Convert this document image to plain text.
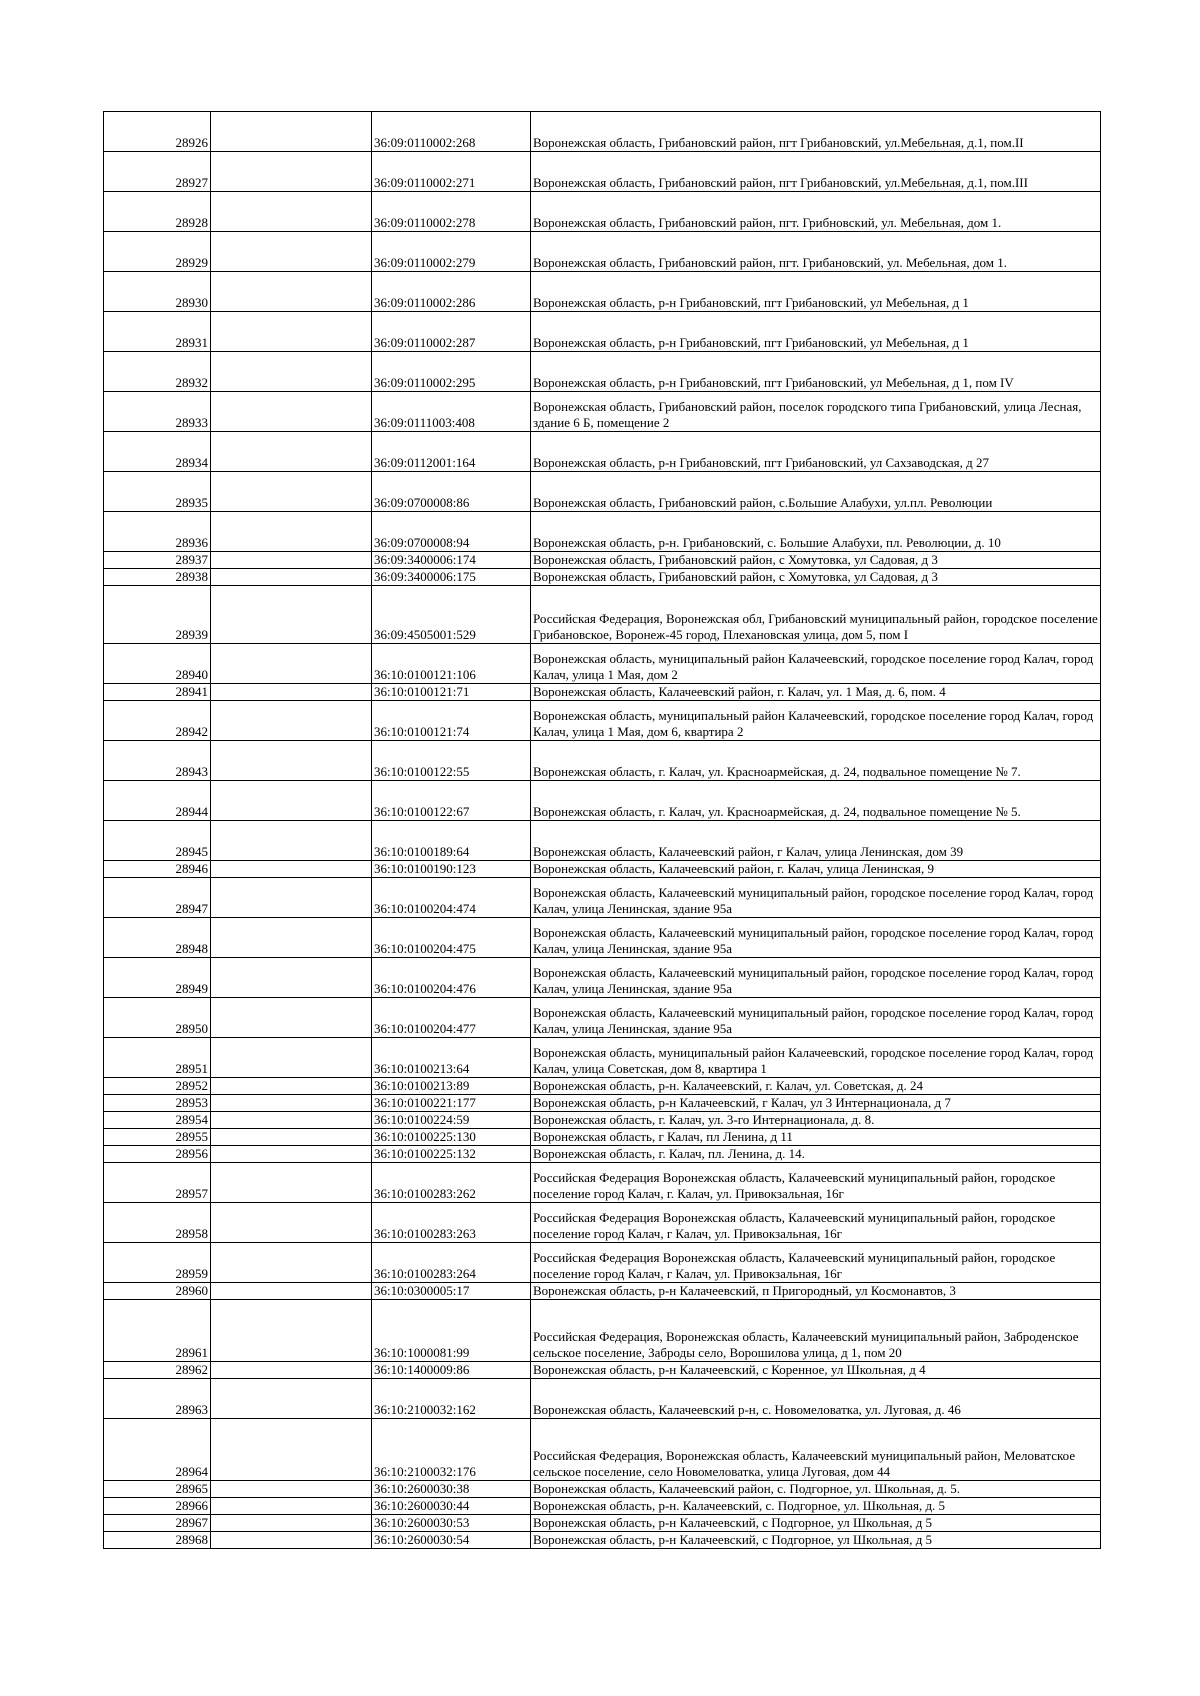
28926		36:09:0110002:268	Воронежская область, Грибановский район, пгт Грибановский, ул.Мебельная, д.1, пом.II
28927		36:09:0110002:271	Воронежская область, Грибановский район, пгт Грибановский, ул.Мебельная, д.1, пом.III
28928		36:09:0110002:278	Воронежская область, Грибановский район, пгт. Грибновский, ул. Мебельная, дом 1.
28929		36:09:0110002:279	Воронежская область, Грибановский район, пгт. Грибановский, ул. Мебельная, дом 1.
28930		36:09:0110002:286	Воронежская область, р-н Грибановский, пгт Грибановский, ул Мебельная, д 1
28931		36:09:0110002:287	Воронежская область, р-н Грибановский, пгт Грибановский, ул Мебельная, д 1
28932		36:09:0110002:295	Воронежская область, р-н Грибановский, пгт Грибановский, ул Мебельная, д 1, пом IV
28933		36:09:0111003:408	Воронежская область, Грибановский район, поселок городского типа Грибановский, улица Лесная, здание 6 Б, помещение 2
28934		36:09:0112001:164	Воронежская область, р-н Грибановский, пгт Грибановский, ул Сахзаводская, д 27
28935		36:09:0700008:86	Воронежская область, Грибановский район, с.Большие Алабухи, ул.пл. Революции
28936		36:09:0700008:94	Воронежская область, р-н. Грибановский, с. Большие Алабухи, пл. Революции, д. 10
28937		36:09:3400006:174	Воронежская область, Грибановский район, с Хомутовка, ул Садовая, д 3
28938		36:09:3400006:175	Воронежская область, Грибановский район, с Хомутовка, ул Садовая, д 3
28939		36:09:4505001:529	Российская Федерация, Воронежская обл, Грибановский муниципальный район, городское поселение Грибановское, Воронеж-45 город, Плехановская улица, дом 5, пом I
28940		36:10:0100121:106	Воронежская область, муниципальный район Калачеевский, городское поселение город Калач, город Калач, улица 1 Мая, дом 2
28941		36:10:0100121:71	Воронежская область, Калачеевский район, г. Калач, ул. 1 Мая, д. 6, пом. 4
28942		36:10:0100121:74	Воронежская область, муниципальный район Калачеевский, городское поселение город Калач, город Калач, улица 1 Мая, дом 6, квартира 2
28943		36:10:0100122:55	Воронежская область, г. Калач, ул. Красноармейская, д. 24, подвальное помещение № 7.
28944		36:10:0100122:67	Воронежская область, г. Калач, ул. Красноармейская, д. 24, подвальное помещение № 5.
28945		36:10:0100189:64	Воронежская область, Калачеевский район, г Калач, улица Ленинская, дом 39
28946		36:10:0100190:123	Воронежская область, Калачеевский район, г. Калач, улица Ленинская, 9
28947		36:10:0100204:474	Воронежская область, Калачеевский муниципальный район, городское поселение город Калач, город Калач, улица Ленинская, здание 95а
28948		36:10:0100204:475	Воронежская область, Калачеевский муниципальный район, городское поселение город Калач, город Калач, улица Ленинская, здание 95а
28949		36:10:0100204:476	Воронежская область, Калачеевский муниципальный район, городское поселение город Калач, город Калач, улица Ленинская, здание 95а
28950		36:10:0100204:477	Воронежская область, Калачеевский муниципальный район, городское поселение город Калач, город Калач, улица Ленинская, здание 95а
28951		36:10:0100213:64	Воронежская область, муниципальный район Калачеевский, городское поселение город Калач, город Калач, улица Советская, дом 8, квартира 1
28952		36:10:0100213:89	Воронежская область, р-н. Калачеевский, г. Калач, ул. Советская, д. 24
28953		36:10:0100221:177	Воронежская область, р-н Калачеевский, г Калач, ул 3 Интернационала, д 7
28954		36:10:0100224:59	Воронежская область, г. Калач, ул. 3-го Интернационала, д. 8.
28955		36:10:0100225:130	Воронежская область, г Калач, пл Ленина, д 11
28956		36:10:0100225:132	Воронежская область, г. Калач, пл. Ленина, д. 14.
28957		36:10:0100283:262	Российская Федерация Воронежская область, Калачеевский муниципальный район, городское поселение город Калач, г. Калач, ул. Привокзальная, 16г
28958		36:10:0100283:263	Российская Федерация Воронежская область, Калачеевский муниципальный район, городское поселение город Калач, г Калач, ул. Привокзальная, 16г
28959		36:10:0100283:264	Российская Федерация Воронежская область, Калачеевский муниципальный район, городское поселение город Калач, г Калач, ул. Привокзальная, 16г
28960		36:10:0300005:17	Воронежская область, р-н Калачеевский, п Пригородный, ул Космонавтов, 3
28961		36:10:1000081:99	Российская Федерация, Воронежская область, Калачеевский муниципальный район, Заброденское сельское поселение, Заброды село, Ворошилова улица, д 1, пом 20
28962		36:10:1400009:86	Воронежская область, р-н Калачеевский, с Коренное, ул Школьная, д 4
28963		36:10:2100032:162	Воронежская область, Калачеевский р-н, с. Новомеловатка, ул. Луговая, д. 46
28964		36:10:2100032:176	Российская Федерация, Воронежская область, Калачеевский муниципальный район, Меловатское сельское поселение, село Новомеловатка, улица Луговая, дом 44
28965		36:10:2600030:38	Воронежская область, Калачеевский район, с. Подгорное, ул. Школьная, д. 5.
28966		36:10:2600030:44	Воронежская область, р-н. Калачеевский, с. Подгорное, ул. Школьная, д. 5
28967		36:10:2600030:53	Воронежская область, р-н Калачеевский, с Подгорное, ул Школьная, д 5
28968		36:10:2600030:54	Воронежская область, р-н Калачеевский, с Подгорное, ул Школьная, д 5
